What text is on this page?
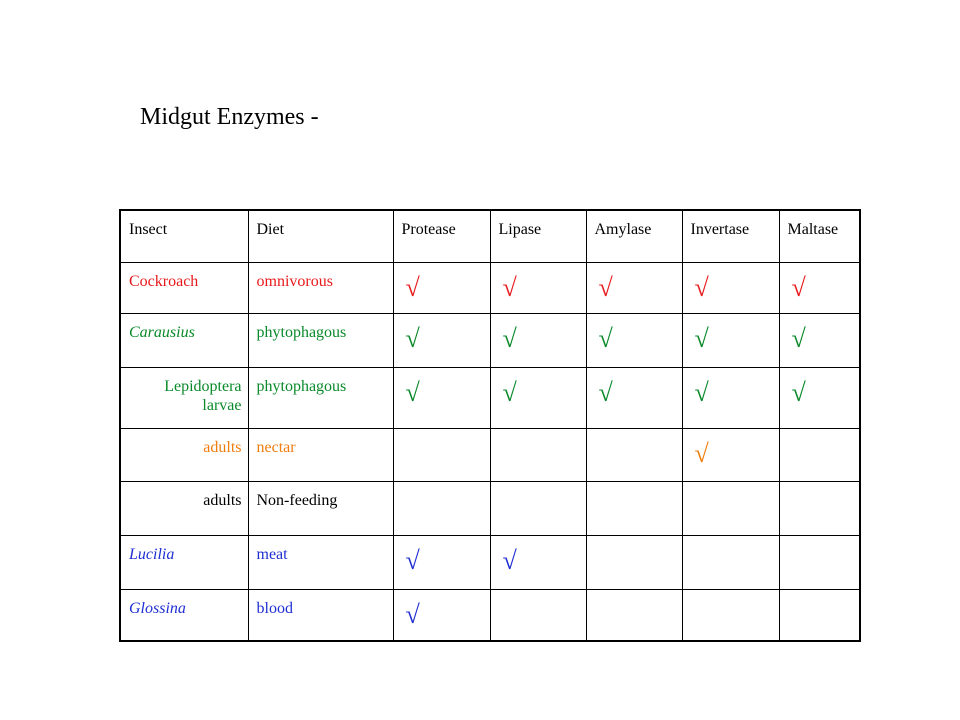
Midgut Enzymes -
Insect	Diet	Protease	Lipase	Amylase	Invertase	Maltase

Cockroach	omnivorous	√	√	√	√	√

Carausius	phytophagous	√	√	√	√	√

Lepidoptera larvae	phytophagous	√	√	√	√	√

adults	nectar				√	

adults	Non-feeding					

Lucilia	meat	√	√			

Glossina	blood	√				
